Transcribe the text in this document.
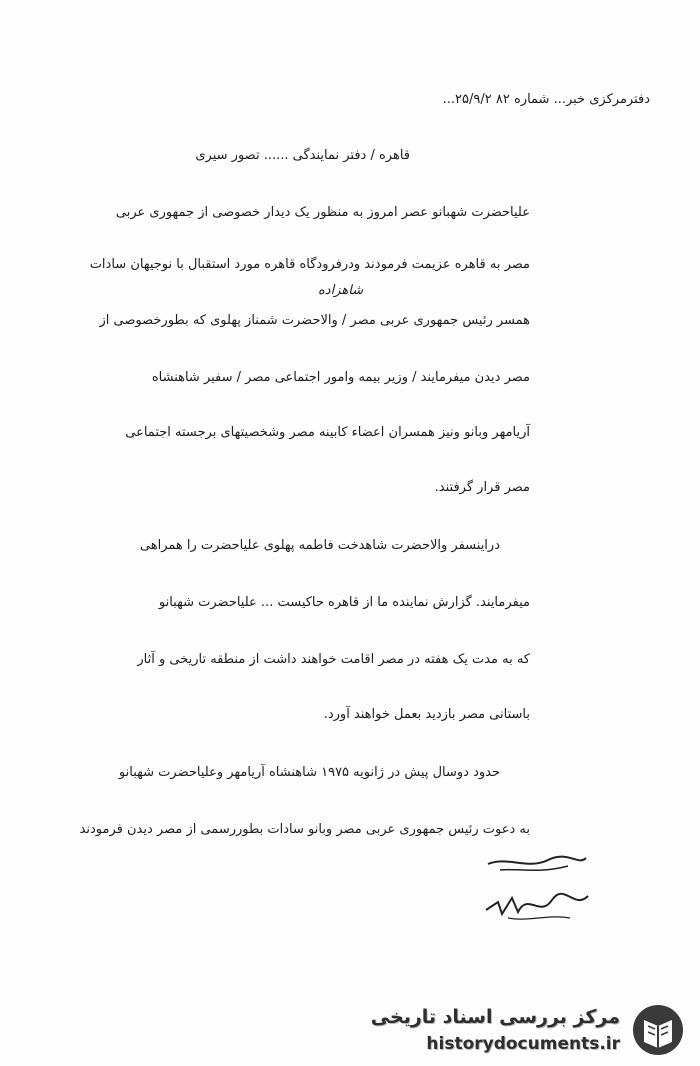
دفترمرکزی خبر... شماره ۸۲ ۲۵/۹/۲...
قاهره / دفتر نمایندگی ...... تصور سیری
شاهزاده
علیاحضرت شهبانو عصر امروز به منظور یک دیدار خصوصی از جمهوری عربی
مصر به قاهره عزیمت فرمودند ودرفرودگاه قاهره مورد استقبال با نوجیهان سادات
همسر رئیس جمهوری عربی مصر / والاحضرت شمناز پهلوی که بطورخصوصی از
مصر دیدن میفرمایند / وزیر بیمه وامور اجتماعی مصر / سفیر شاهنشاه
آریامهر وبانو ونیز همسران اعضاء کابینه مصر وشخصیتهای برجسته اجتماعی
مصر قرار گرفتند.
دراینسفر والاحضرت شاهدخت فاطمه پهلوی علیاحضرت را همراهی
میفرمایند. گزارش نماینده ما از قاهره حاکیست ... علیاحضرت شهبانو
که به مدت یک هفته در مصر اقامت خواهند داشت از منطقه تاریخی و آثار
باستانی مصر بازدید بعمل خواهند آورد.
حدود دوسال پیش در ژانویه ۱۹۷۵ شاهنشاه آریامهر وعلیاحضرت شهبانو
به دعوت رئیس جمهوری عربی مصر وبانو سادات بطوررسمی از مصر دیدن فرمودند
مرکز بررسی اسناد تاریخی
historydocuments.ir
